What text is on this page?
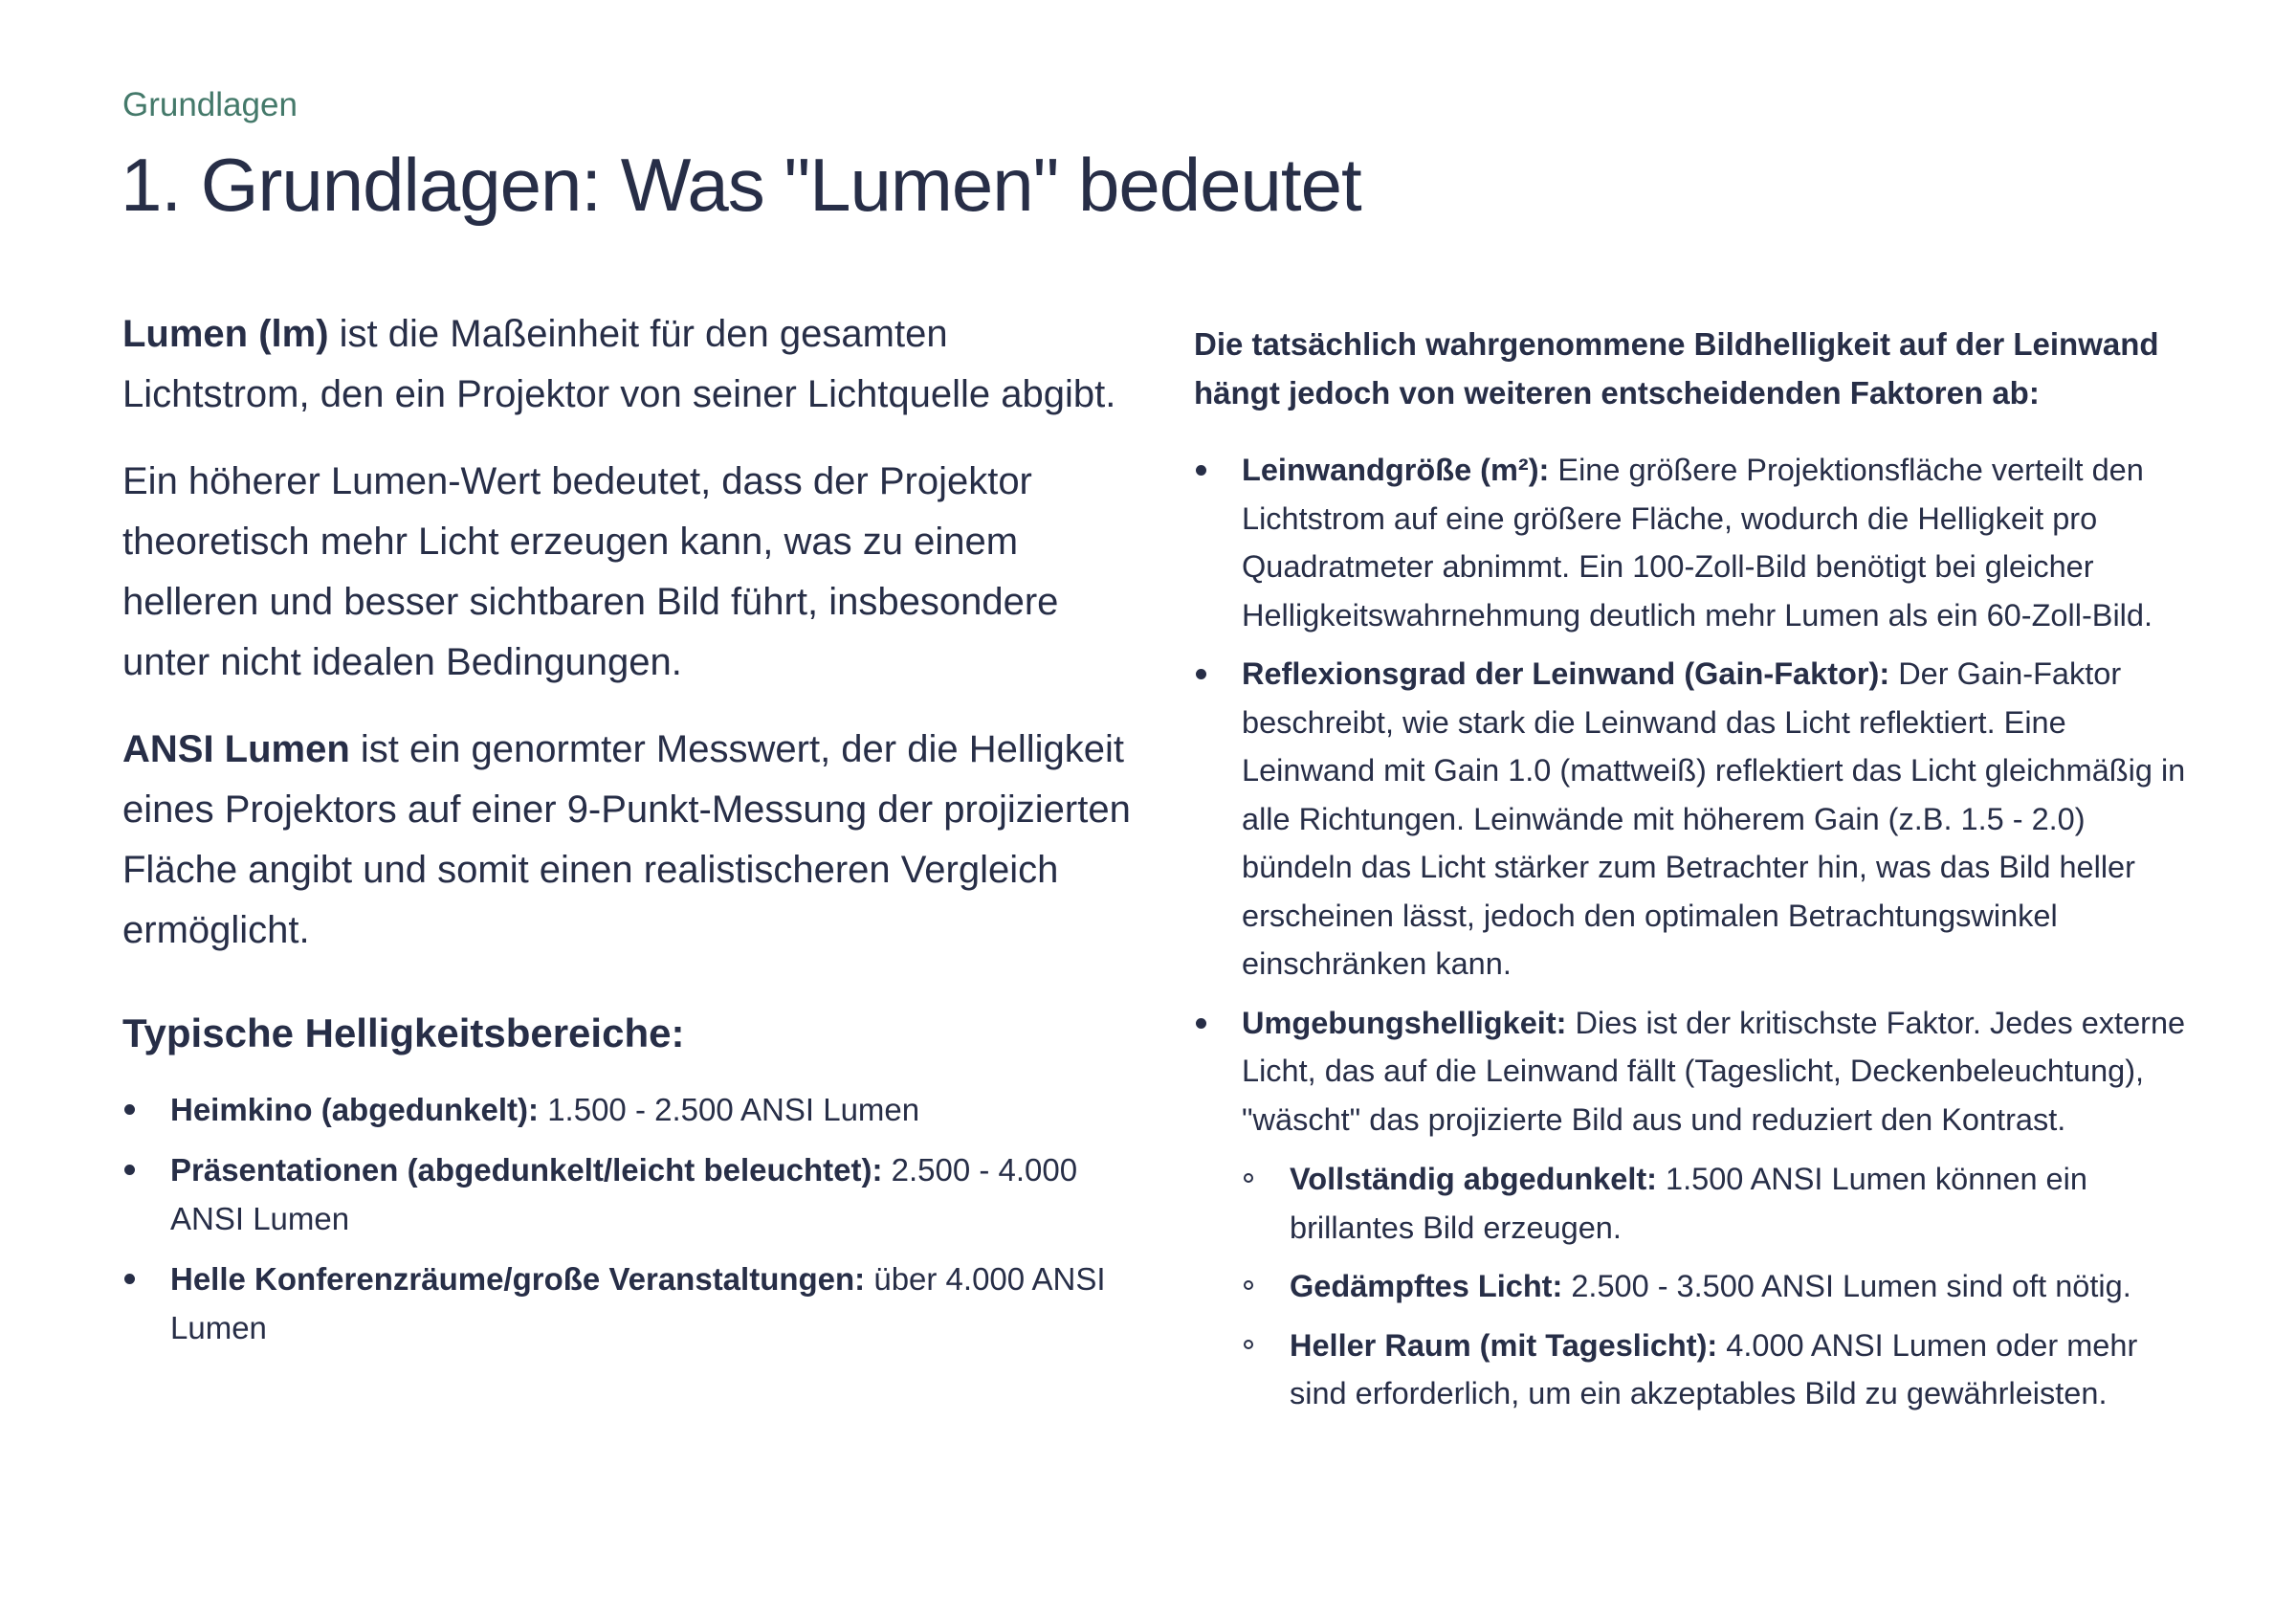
Grundlagen
1. Grundlagen: Was "Lumen" bedeutet

Lumen (lm) ist die Maßeinheit für den gesamten Lichtstrom, den ein Projektor von seiner Lichtquelle abgibt.

Ein höherer Lumen-Wert bedeutet, dass der Projektor theoretisch mehr Licht erzeugen kann, was zu einem helleren und besser sichtbaren Bild führt, insbesondere unter nicht idealen Bedingungen.

ANSI Lumen ist ein genormter Messwert, der die Helligkeit eines Projektors auf einer 9-Punkt-Messung der projizierten Fläche angibt und somit einen realistischeren Vergleich ermöglicht.

Typische Helligkeitsbereiche:
Heimkino (abgedunkelt): 1.500 - 2.500 ANSI Lumen
Präsentationen (abgedunkelt/leicht beleuchtet): 2.500 - 4.000 ANSI Lumen
Helle Konferenzräume/große Veranstaltungen: über 4.000 ANSI Lumen

Die tatsächlich wahrgenommene Bildhelligkeit auf der Leinwand hängt jedoch von weiteren entscheidenden Faktoren ab:

Leinwandgröße (m²): Eine größere Projektionsfläche verteilt den Lichtstrom auf eine größere Fläche, wodurch die Helligkeit pro Quadratmeter abnimmt. Ein 100-Zoll-Bild benötigt bei gleicher Helligkeitswahrnehmung deutlich mehr Lumen als ein 60-Zoll-Bild.
Reflexionsgrad der Leinwand (Gain-Faktor): Der Gain-Faktor beschreibt, wie stark die Leinwand das Licht reflektiert. Eine Leinwand mit Gain 1.0 (mattweiß) reflektiert das Licht gleichmäßig in alle Richtungen. Leinwände mit höherem Gain (z.B. 1.5 - 2.0) bündeln das Licht stärker zum Betrachter hin, was das Bild heller erscheinen lässt, jedoch den optimalen Betrachtungswinkel einschränken kann.
Umgebungshelligkeit: Dies ist der kritischste Faktor. Jedes externe Licht, das auf die Leinwand fällt (Tageslicht, Deckenbeleuchtung), "wäscht" das projizierte Bild aus und reduziert den Kontrast.
Vollständig abgedunkelt: 1.500 ANSI Lumen können ein brillantes Bild erzeugen.
Gedämpftes Licht: 2.500 - 3.500 ANSI Lumen sind oft nötig.
Heller Raum (mit Tageslicht): 4.000 ANSI Lumen oder mehr sind erforderlich, um ein akzeptables Bild zu gewährleisten.
